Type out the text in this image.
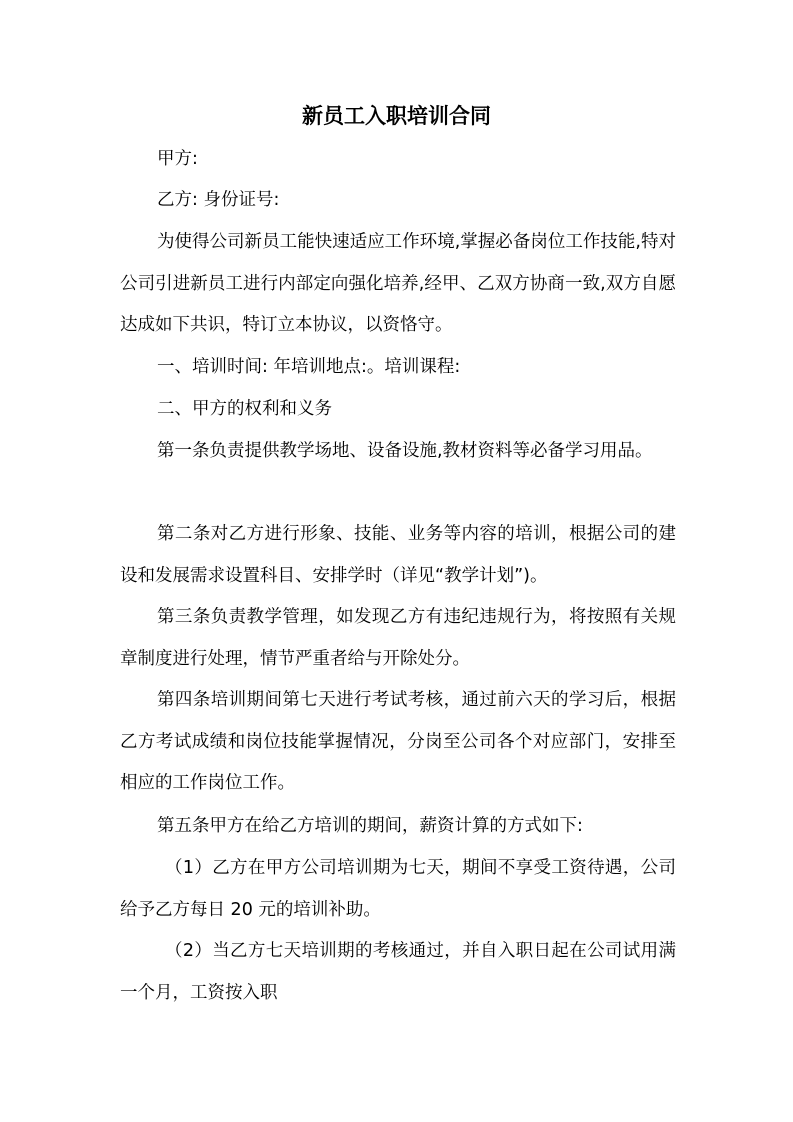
新员工入职培训合同

甲方:

乙方: 身份证号:

为使得公司新员工能快速适应工作环境,掌握必备岗位工作技能,特对公司引进新员工进行内部定向强化培养,经甲、乙双方协商一致,双方自愿达成如下共识，特订立本协议，以资恪守。

一、培训时间: 年培训地点:。培训课程:

二、甲方的权利和义务

第一条负责提供教学场地、设备设施,教材资料等必备学习用品。

第二条对乙方进行形象、技能、业务等内容的培训，根据公司的建设和发展需求设置科目、安排学时（详见“教学计划”)。

第三条负责教学管理，如发现乙方有违纪违规行为，将按照有关规章制度进行处理，情节严重者给与开除处分。

第四条培训期间第七天进行考试考核，通过前六天的学习后，根据乙方考试成绩和岗位技能掌握情况，分岗至公司各个对应部门，安排至相应的工作岗位工作。

第五条甲方在给乙方培训的期间，薪资计算的方式如下:

（1）乙方在甲方公司培训期为七天，期间不享受工资待遇，公司给予乙方每日 20 元的培训补助。

（2）当乙方七天培训期的考核通过，并自入职日起在公司试用满一个月，工资按入职
